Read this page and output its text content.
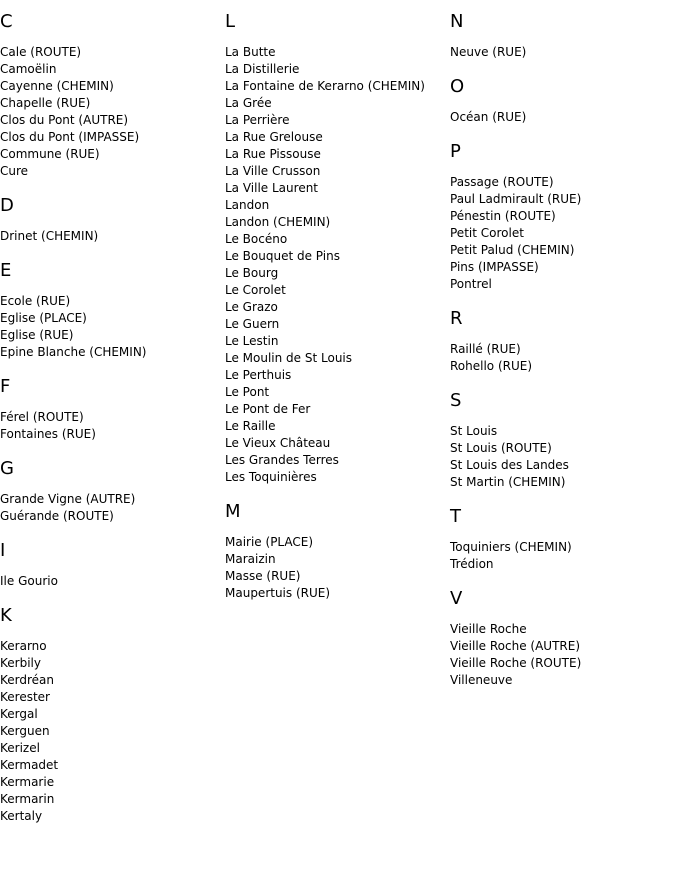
C
Cale (ROUTE)
Camoëlin
Cayenne (CHEMIN)
Chapelle (RUE)
Clos du Pont (AUTRE)
Clos du Pont (IMPASSE)
Commune (RUE)
Cure
D
Drinet (CHEMIN)
E
Ecole (RUE)
Eglise (PLACE)
Eglise (RUE)
Epine Blanche (CHEMIN)
F
Férel (ROUTE)
Fontaines (RUE)
G
Grande Vigne (AUTRE)
Guérande (ROUTE)
I
Ile Gourio
K
Kerarno
Kerbily
Kerdréan
Kerester
Kergal
Kerguen
Kerizel
Kermadet
Kermarie
Kermarin
Kertaly
L
La Butte
La Distillerie
La Fontaine de Kerarno (CHEMIN)
La Grée
La Perrière
La Rue Grelouse
La Rue Pissouse
La Ville Crusson
La Ville Laurent
Landon
Landon (CHEMIN)
Le Bocéno
Le Bouquet de Pins
Le Bourg
Le Corolet
Le Grazo
Le Guern
Le Lestin
Le Moulin de St Louis
Le Perthuis
Le Pont
Le Pont de Fer
Le Raille
Le Vieux Château
Les Grandes Terres
Les Toquinières
M
Mairie (PLACE)
Maraizin
Masse (RUE)
Maupertuis (RUE)
N
Neuve (RUE)
O
Océan (RUE)
P
Passage (ROUTE)
Paul Ladmirault (RUE)
Pénestin (ROUTE)
Petit Corolet
Petit Palud (CHEMIN)
Pins (IMPASSE)
Pontrel
R
Raillé (RUE)
Rohello (RUE)
S
St Louis
St Louis (ROUTE)
St Louis des Landes
St Martin (CHEMIN)
T
Toquiniers (CHEMIN)
Trédion
V
Vieille Roche
Vieille Roche (AUTRE)
Vieille Roche (ROUTE)
Villeneuve
